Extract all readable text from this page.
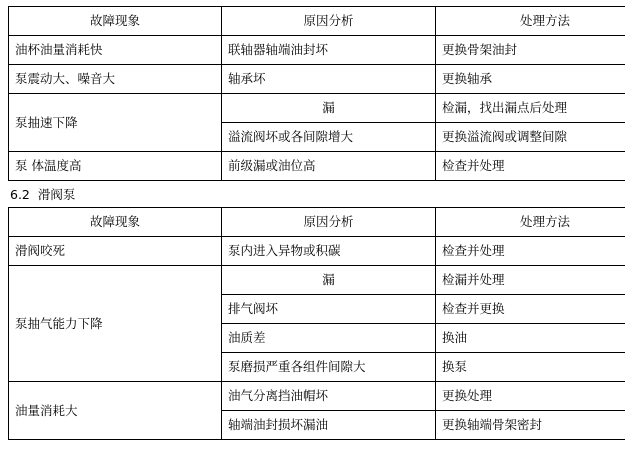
故障现象	原因分析	处理方法
油杯油量消耗快	联轴器轴端油封坏	更换骨架油封
泵震动大、噪音大	轴承坏	更换轴承
泵抽速下降	漏	检漏，找出漏点后处理
	溢流阀坏或各间隙增大	更换溢流阀或调整间隙
泵 体温度高	前级漏或油位高	检查并处理
6.2  滑阀泵
故障现象	原因分析	处理方法
滑阀咬死	泵内进入异物或积碳	检查并处理
泵抽气能力下降	漏	检漏并处理
	排气阀坏	检查并更换
	油质差	换油
	泵磨损严重各组件间隙大	换泵
油量消耗大	油气分离挡油帽坏	更换处理
	轴端油封损坏漏油	更换轴端骨架密封
